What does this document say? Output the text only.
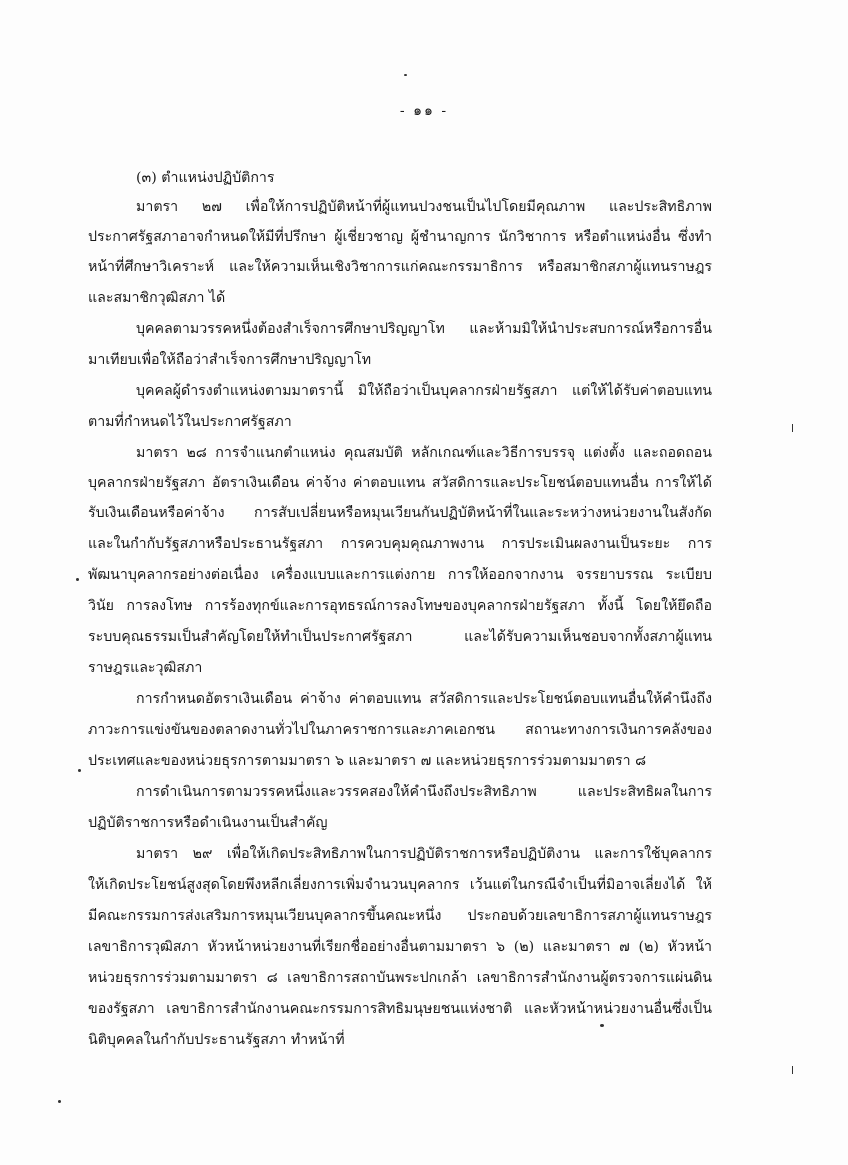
- ๑๑ -
(๓) ตำแหน่งปฏิบัติการ
มาตรา ๒๗ เพื่อให้การปฏิบัติหน้าที่ผู้แทนปวงชนเป็นไปโดยมีคุณภาพ และประสิทธิภาพ
ประกาศรัฐสภาอาจกำหนดให้มีที่ปรึกษา ผู้เชี่ยวชาญ ผู้ชำนาญการ นักวิชาการ หรือตำแหน่งอื่น ซึ่งทำ
หน้าที่ศึกษาวิเคราะห์ และให้ความเห็นเชิงวิชาการแก่คณะกรรมาธิการ หรือสมาชิกสภาผู้แทนราษฎร
และสมาชิกวุฒิสภา ได้
บุคคลตามวรรคหนึ่งต้องสำเร็จการศึกษาปริญญาโท และห้ามมิให้นำประสบการณ์หรือการอื่น
มาเทียบเพื่อให้ถือว่าสำเร็จการศึกษาปริญญาโท
บุคคลผู้ดำรงตำแหน่งตามมาตรานี้ มิให้ถือว่าเป็นบุคลากรฝ่ายรัฐสภา แต่ให้ได้รับค่าตอบแทน
ตามที่กำหนดไว้ในประกาศรัฐสภา
มาตรา ๒๘ การจำแนกตำแหน่ง คุณสมบัติ หลักเกณฑ์และวิธีการบรรจุ แต่งตั้ง และถอดถอน
บุคลากรฝ่ายรัฐสภา อัตราเงินเดือน ค่าจ้าง ค่าตอบแทน สวัสดิการและประโยชน์ตอบแทนอื่น การให้ได้
รับเงินเดือนหรือค่าจ้าง การสับเปลี่ยนหรือหมุนเวียนกันปฏิบัติหน้าที่ในและระหว่างหน่วยงานในสังกัด
และในกำกับรัฐสภาหรือประธานรัฐสภา การควบคุมคุณภาพงาน การประเมินผลงานเป็นระยะ การ
พัฒนาบุคลากรอย่างต่อเนื่อง เครื่องแบบและการแต่งกาย การให้ออกจากงาน จรรยาบรรณ ระเบียบ
วินัย การลงโทษ การร้องทุกข์และการอุทธรณ์การลงโทษของบุคลากรฝ่ายรัฐสภา ทั้งนี้ โดยให้ยึดถือ
ระบบคุณธรรมเป็นสำคัญโดยให้ทำเป็นประกาศรัฐสภา และได้รับความเห็นชอบจากทั้งสภาผู้แทน
ราษฎรและวุฒิสภา
การกำหนดอัตราเงินเดือน ค่าจ้าง ค่าตอบแทน สวัสดิการและประโยชน์ตอบแทนอื่นให้คำนึงถึง
ภาวะการแข่งขันของตลาดงานทั่วไปในภาคราชการและภาคเอกชน สถานะทางการเงินการคลังของ
ประเทศและของหน่วยธุรการตามมาตรา ๖ และมาตรา ๗ และหน่วยธุรการร่วมตามมาตรา ๘
การดำเนินการตามวรรคหนึ่งและวรรคสองให้คำนึงถึงประสิทธิภาพ และประสิทธิผลในการ
ปฏิบัติราชการหรือดำเนินงานเป็นสำคัญ
มาตรา ๒๙ เพื่อให้เกิดประสิทธิภาพในการปฏิบัติราชการหรือปฏิบัติงาน และการใช้บุคลากร
ให้เกิดประโยชน์สูงสุดโดยพึงหลีกเลี่ยงการเพิ่มจำนวนบุคลากร เว้นแต่ในกรณีจำเป็นที่มิอาจเลี่ยงได้ ให้
มีคณะกรรมการส่งเสริมการหมุนเวียนบุคลากรขึ้นคณะหนึ่ง ประกอบด้วยเลขาธิการสภาผู้แทนราษฎร
เลขาธิการวุฒิสภา หัวหน้าหน่วยงานที่เรียกชื่ออย่างอื่นตามมาตรา ๖ (๒) และมาตรา ๗ (๒) หัวหน้า
หน่วยธุรการร่วมตามมาตรา ๘ เลขาธิการสถาบันพระปกเกล้า เลขาธิการสำนักงานผู้ตรวจการแผ่นดิน
ของรัฐสภา เลขาธิการสำนักงานคณะกรรมการสิทธิมนุษยชนแห่งชาติ และหัวหน้าหน่วยงานอื่นซึ่งเป็น
นิติบุคคลในกำกับประธานรัฐสภา ทำหน้าที่
